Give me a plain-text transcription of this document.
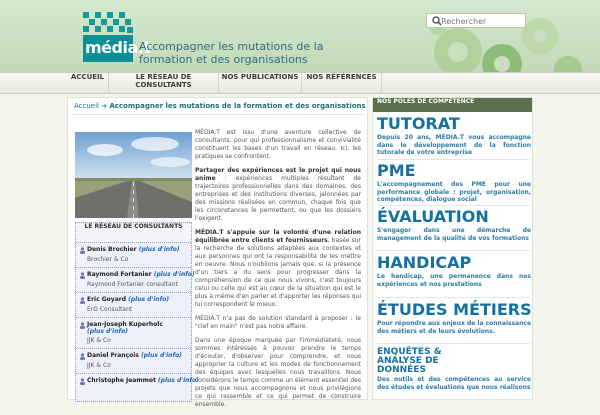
média.t
Accompagner les mutations de la formation et des organisations
Rechercher
ACCUEIL	LE RÉSEAU DE CONSULTANTS
NOS PUBLICATIONS	NOS RÉFÉRENCES
Accueil ➜ Accompagner les mutations de la formation et des organisations
LE RÉSEAU DE CONSULTANTS
Denis Brochier (plus d'info)
Brochier & Co
Raymond Fortanier (plus d'info)
Raymond Fortanier consultant
Eric Goyard (plus d'info)
ErG Consultant
Jean-Joseph Kuperholc
(plus d'info)
JJK & Co
Daniel François (plus d'info)
JJK & Co
Christophe Jeammot (plus d'info)

MÉDIA.T est issu d'une aventure collective de consultants, pour qui professionnalisme et convivialité constituent les bases d'un travail en réseau. Ici, les pratiques se confrontent.

Partager des expériences est le projet qui nous anime : expériences multiples résultant de trajectoires professionnelles dans des domaines, des entreprises et des institutions diverses, jalonnées par des missions réalisées en commun, chaque fois que les circonstances le permettent, ou que les dossiers l'exigent.

MÉDIA.T s'appuie sur la volonté d'une relation équilibrée entre clients et fournisseurs, basée sur la recherche de solutions adaptées aux contextes et aux personnes qui ont la responsabilité de les mettre en oeuvre. Nous n'oublions jamais que, si la présence d'un tiers a du sens pour progresser dans la compréhension de ce que nous vivons, c'est toujours celui ou celle qui est au cœur de la situation qui est le plus à même d'en parler et d'apporter les réponses qui lui correspondent le mieux.

MÉDIA.T n'a pas de solution standard à proposer : le "clef en main" n'est pas notre affaire.

Dans une époque marquée par l'immédiateté, nous sommes intéressés à pouvoir prendre le temps d'écouter, d'observer pour comprendre, et nous approprier la culture et les modes de fonctionnement des équipes avec lesquelles nous travaillons. Nous considérons le temps comme un élément essentiel des projets que nous accompagnons et nous privilégions ce qui rassemble et ce qui permet de construire ensemble.

NOS PÔLES DE COMPÉTENCE
TUTORAT
Depuis 20 ans, MÉDIA.T vous accompagne dans le développement de la fonction tutorale de votre entreprise
PME
L'accompagnement des PME pour une performance globale : projet, organisation, compétences, dialogue social
ÉVALUATION
S'engager dans une démarche de management de la qualité de vos formations
HANDICAP
Le handicap, une permanence dans nos expériences et nos prestations
ÉTUDES MÉTIERS
Pour répondre aux enjeux de la connaissance des métiers et de leurs évolutions.
ENQUÊTES & ANALYSE DE DONNÉES
Des outils et des compétences au service des études et évaluations que nous réalisons
